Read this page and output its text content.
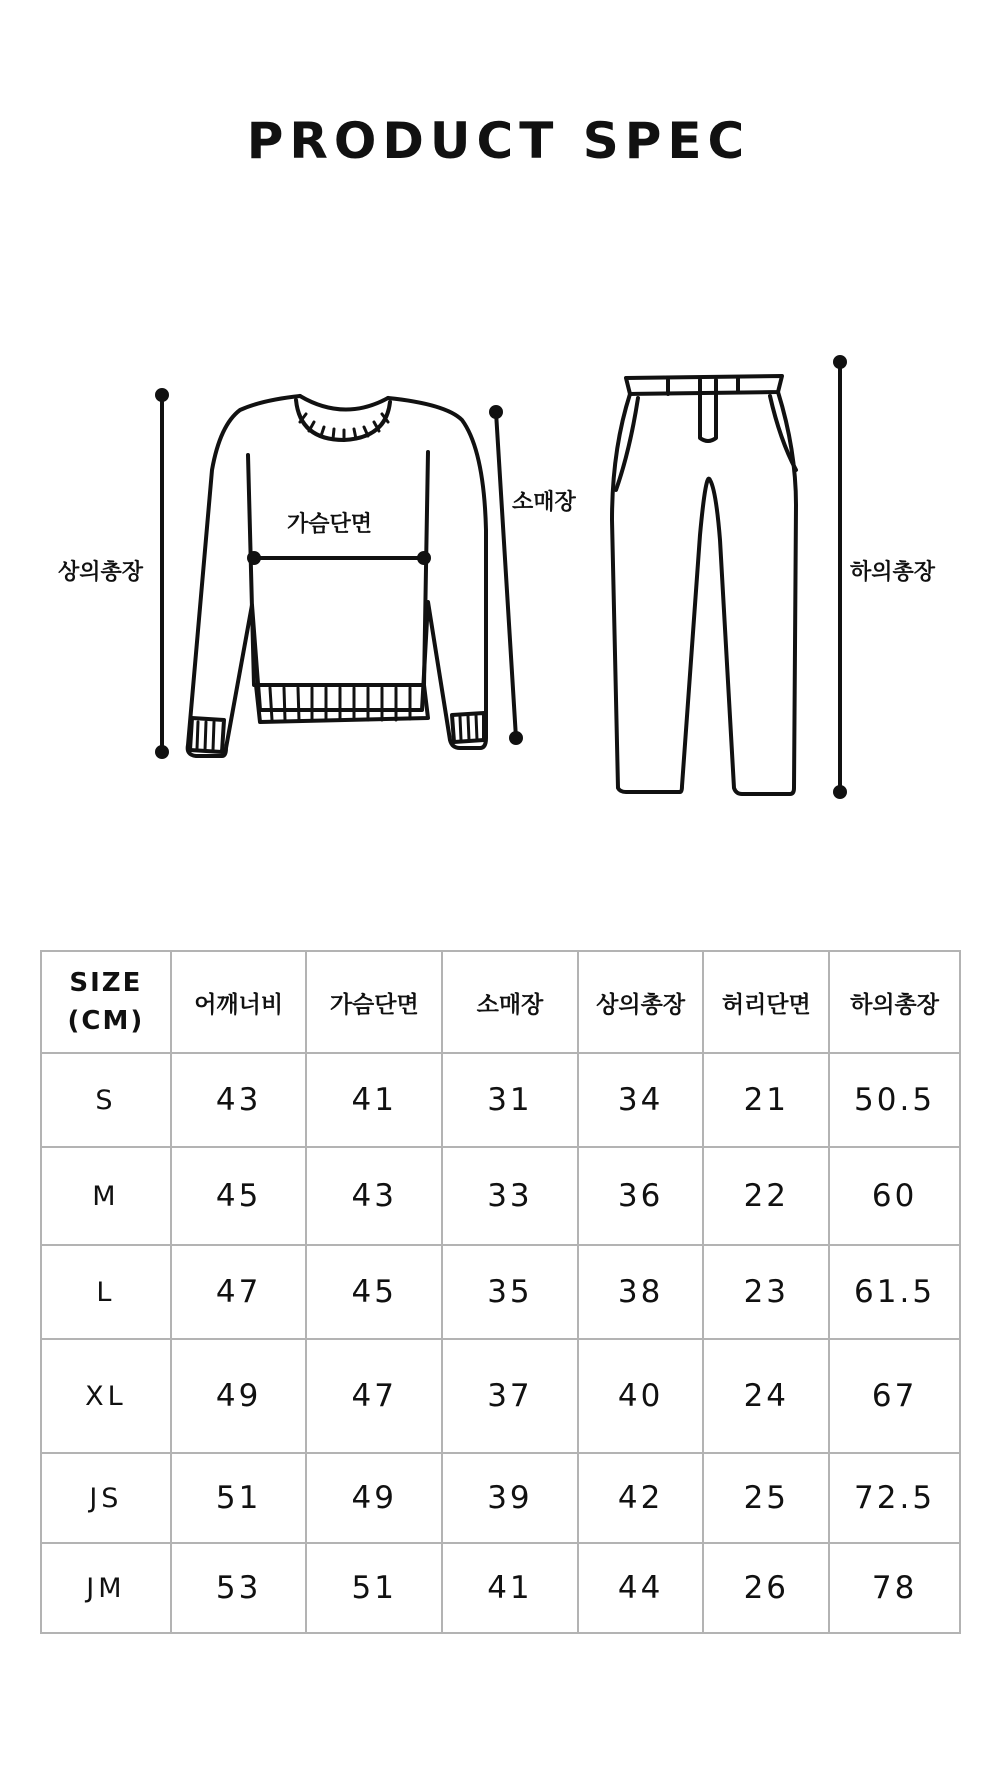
PRODUCT SPEC
상의총장
가슴단면
소매장
하의총장
SIZE
(CM)	어깨너비	가슴단면	소매장	상의총장	허리단면	하의총장
S	43	41	31	34	21	50.5
M	45	43	33	36	22	60
L	47	45	35	38	23	61.5
XL	49	47	37	40	24	67
JS	51	49	39	42	25	72.5
JM	53	51	41	44	26	78
